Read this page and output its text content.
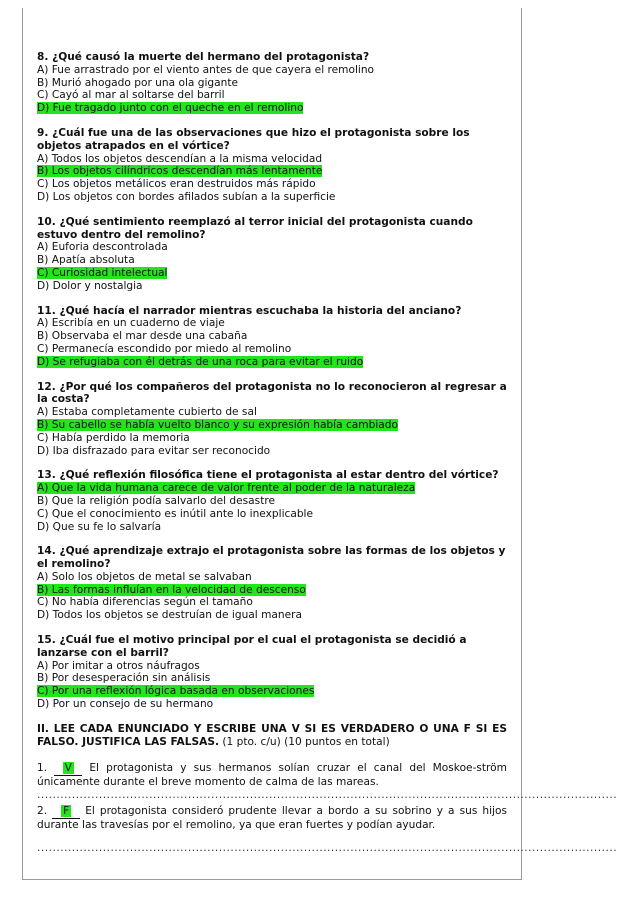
8. ¿Qué causó la muerte del hermano del protagonista?
A) Fue arrastrado por el viento antes de que cayera el remolino
B) Murió ahogado por una ola gigante
C) Cayó al mar al soltarse del barril
D) Fue tragado junto con el queche en el remolino
9. ¿Cuál fue una de las observaciones que hizo el protagonista sobre los objetos atrapados en el vórtice?
A) Todos los objetos descendían a la misma velocidad
B) Los objetos cilíndricos descendían más lentamente
C) Los objetos metálicos eran destruidos más rápido
D) Los objetos con bordes afilados subían a la superficie
10. ¿Qué sentimiento reemplazó al terror inicial del protagonista cuando estuvo dentro del remolino?
A) Euforia descontrolada
B) Apatía absoluta
C) Curiosidad intelectual
D) Dolor y nostalgia
11. ¿Qué hacía el narrador mientras escuchaba la historia del anciano?
A) Escribía en un cuaderno de viaje
B) Observaba el mar desde una cabaña
C) Permanecía escondido por miedo al remolino
D) Se refugiaba con él detrás de una roca para evitar el ruido
12. ¿Por qué los compañeros del protagonista no lo reconocieron al regresar a la costa?
A) Estaba completamente cubierto de sal
B) Su cabello se había vuelto blanco y su expresión había cambiado
C) Había perdido la memoria
D) Iba disfrazado para evitar ser reconocido
13. ¿Qué reflexión filosófica tiene el protagonista al estar dentro del vórtice?
A) Que la vida humana carece de valor frente al poder de la naturaleza
B) Que la religión podía salvarlo del desastre
C) Que el conocimiento es inútil ante lo inexplicable
D) Que su fe lo salvaría
14. ¿Qué aprendizaje extrajo el protagonista sobre las formas de los objetos y el remolino?
A) Solo los objetos de metal se salvaban
B) Las formas influían en la velocidad de descenso
C) No había diferencias según el tamaño
D) Todos los objetos se destruían de igual manera
15. ¿Cuál fue el motivo principal por el cual el protagonista se decidió a lanzarse con el barril?
A) Por imitar a otros náufragos
B) Por desesperación sin análisis
C) Por una reflexión lógica basada en observaciones
D) Por un consejo de su hermano
II. LEE CADA ENUNCIADO Y ESCRIBE UNA V SI ES VERDADERO O UNA F SI ES FALSO. JUSTIFICA LAS FALSAS. (1 pto. c/u) (10 puntos en total)
1. V El protagonista y sus hermanos solían cruzar el canal del Moskoe-ström únicamente durante el breve momento de calma de las mareas.
......................................................................................................................................................
2. F El protagonista consideró prudente llevar a bordo a su sobrino y a sus hijos durante las travesías por el remolino, ya que eran fuertes y podían ayudar.
......................................................................................................................................................
